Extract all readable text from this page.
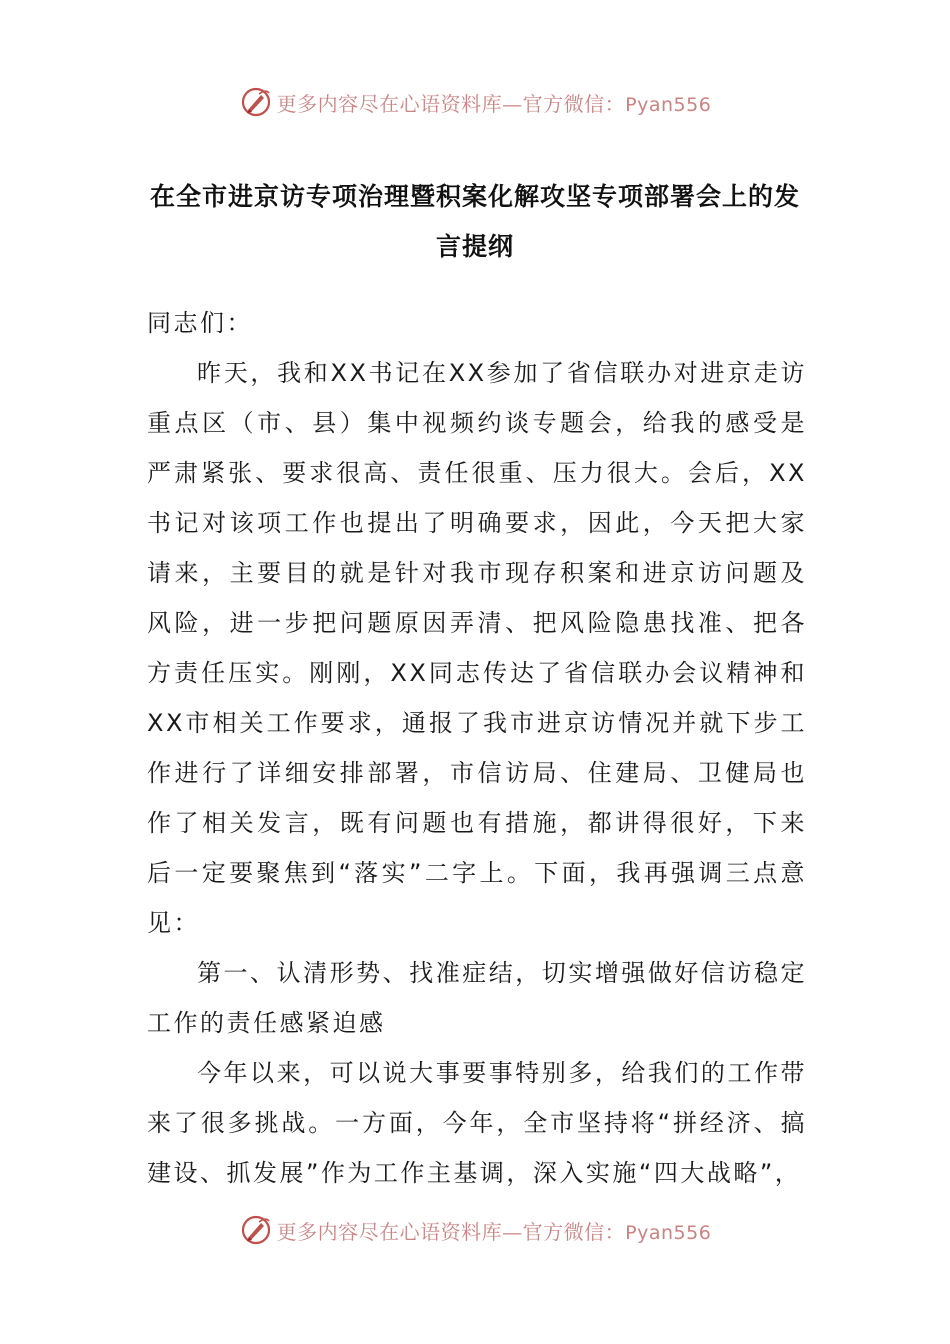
更多内容尽在心语资料库—官方微信：Pyan556
在全市进京访专项治理暨积案化解攻坚专项部署会上的发言提纲

同志们：

昨天，我和XX书记在XX参加了省信联办对进京走访重点区（市、县）集中视频约谈专题会，给我的感受是严肃紧张、要求很高、责任很重、压力很大。会后，XX书记对该项工作也提出了明确要求，因此，今天把大家请来，主要目的就是针对我市现存积案和进京访问题及风险，进一步把问题原因弄清、把风险隐患找准、把各方责任压实。刚刚，XX同志传达了省信联办会议精神和XX市相关工作要求，通报了我市进京访情况并就下步工作进行了详细安排部署，市信访局、住建局、卫健局也作了相关发言，既有问题也有措施，都讲得很好，下来后一定要聚焦到“落实”二字上。下面，我再强调三点意见：

第一、认清形势、找准症结，切实增强做好信访稳定工作的责任感紧迫感

今年以来，可以说大事要事特别多，给我们的工作带来了很多挑战。一方面，今年，全市坚持将“拼经济、搞建设、抓发展”作为工作主基调，深入实施“四大战略”，

更多内容尽在心语资料库—官方微信：Pyan556
